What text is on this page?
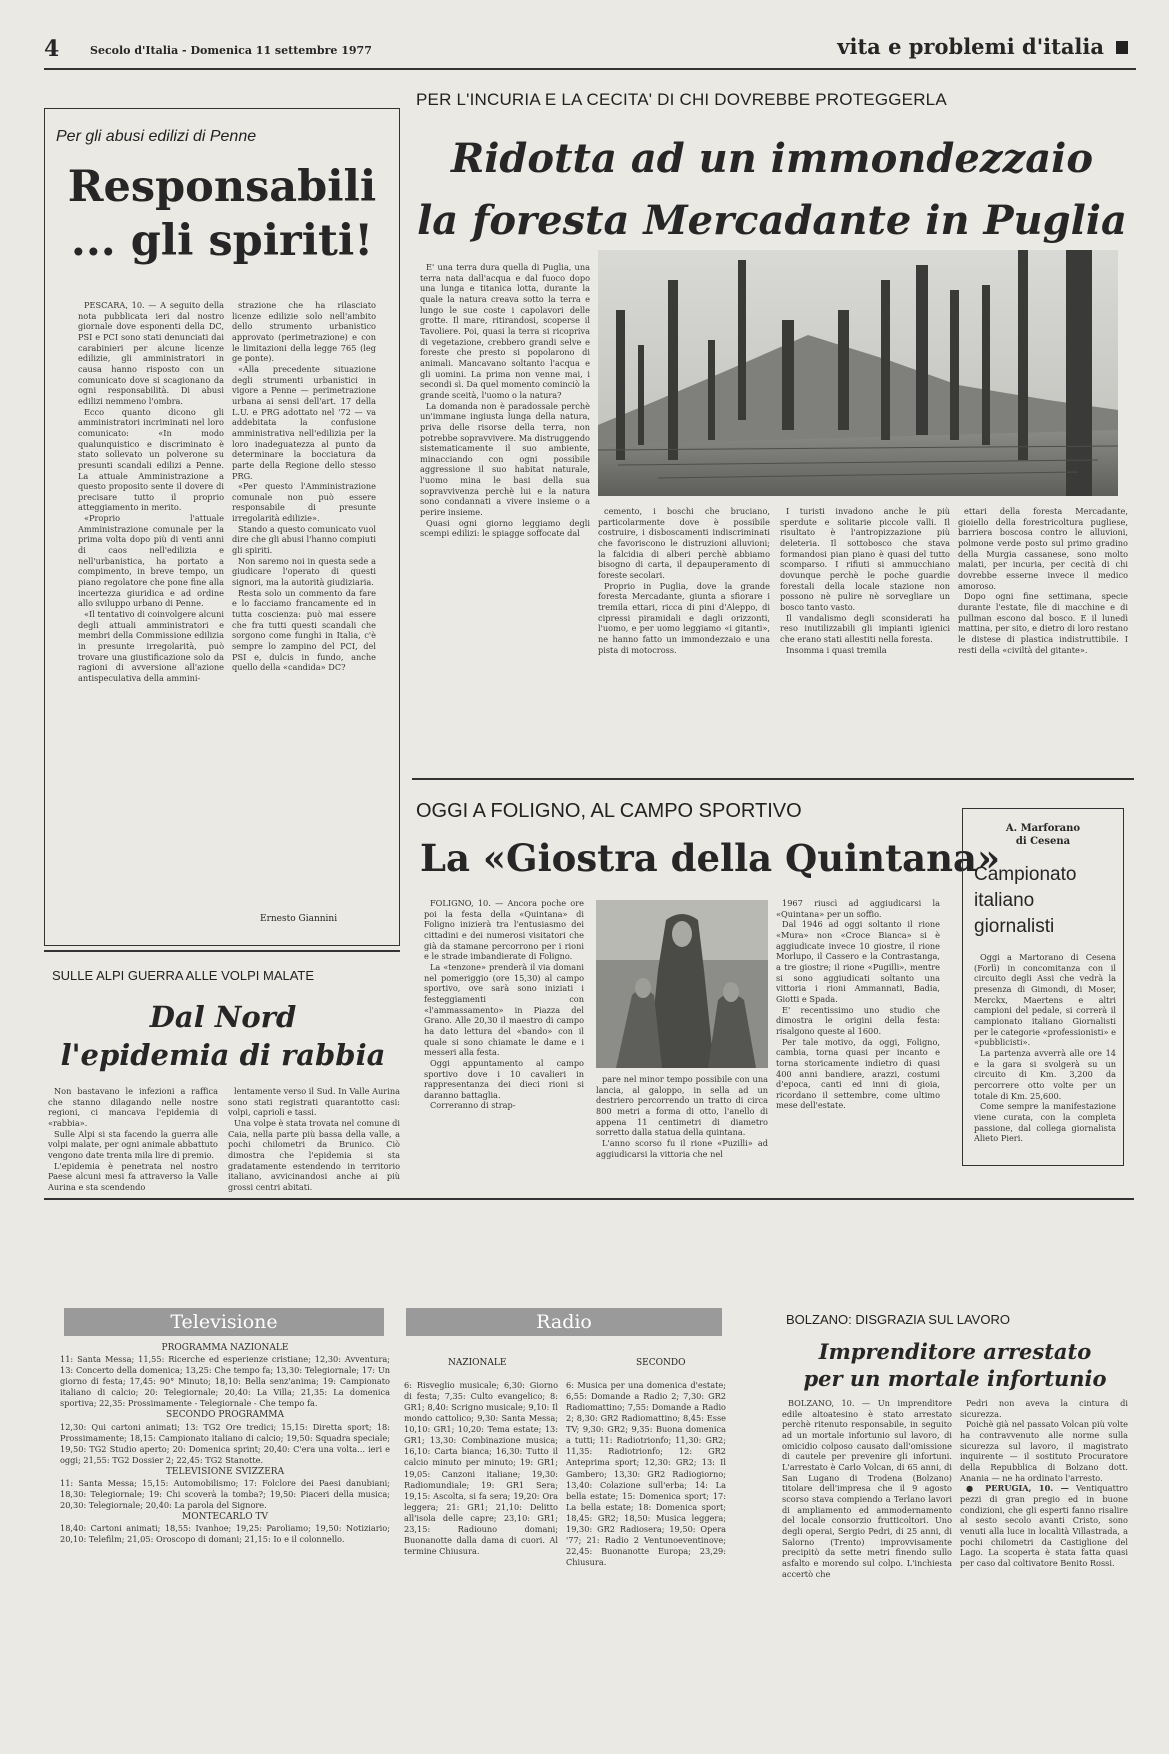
4	Secolo d'Italia - Domenica 11 settembre 1977	vita e problemi d'italia
Per gli abusi edilizi di Penne
Responsabili
... gli spiriti!

PESCARA, 10. — A seguito della nota pubblicata ieri dal nostro giornale dove esponenti della DC, PSI e PCI sono stati denunciati dai carabinieri per alcune licenze edilizie, gli amministratori in causa hanno risposto con un comunicato dove si scagionano da ogni responsabilità. Di abusi edilizi nemmeno l'ombra.

Ecco quanto dicono gli amministratori incriminati nel loro comunicato: «In modo qualunquistico e discriminato è stato sollevato un polverone su presunti scandali edilizi a Penne. La attuale Amministrazione a questo proposito sente il dovere di precisare tutto il proprio atteggiamento in merito.

«Proprio l'attuale Amministrazione comunale per la prima volta dopo più di venti anni di caos nell'edilizia e nell'urbanistica, ha portato a compimento, in breve tempo, un piano regolatore che pone fine alla incertezza giuridica e ad ordine allo sviluppo urbano di Penne.

«Il tentativo di coinvolgere alcuni degli attuali amministratori e membri della Commissione edilizia in presunte irregolarità, può trovare una giustificazione solo da ragioni di avversione all'azione antispeculativa della ammini-

strazione che ha rilasciato licenze edilizie solo nell'ambito dello strumento urbanistico approvato (perimetrazione) e con le limitazioni della legge 765 (leg ge ponte).

«Alla precedente situazione degli strumenti urbanistici in vigore a Penne — perimetrazione urbana ai sensi dell'art. 17 della L.U. e PRG adottato nel '72 — va addebitata la confusione amministrativa nell'edilizia per la loro inadeguatezza al punto da determinare la bocciatura da parte della Regione dello stesso PRG.

«Per questo l'Amministrazione comunale non può essere responsabile di presunte irregolarità edilizie».

Stando a questo comunicato vuol dire che gli abusi l'hanno compiuti gli spiriti.

Non saremo noi in questa sede a giudicare l'operato di questi signori, ma la autorità giudiziaria.

Resta solo un commento da fare e lo facciamo francamente ed in tutta coscienza: può mai essere che fra tutti questi scandali che sorgono come funghi in Italia, c'è sempre lo zampino del PCI, del PSI e, dulcis in fundo, anche quello della «candida» DC?

Ernesto Giannini
PER L'INCURIA E LA CECITA' DI CHI DOVREBBE PROTEGGERLA
Ridotta ad un immondezzaio
la foresta Mercadante in Puglia

E' una terra dura quella di Puglia, una terra nata dall'acqua e dal fuoco dopo una lunga e titanica lotta, durante la quale la natura creava sotto la terra e lungo le sue coste i capolavori delle grotte. Il mare, ritirandosi, scoperse il Tavoliere. Poi, quasi la terra si ricopriva di vegetazione, crebbero grandi selve e foreste che presto si popolarono di animali. Mancavano soltanto l'acqua e gli uomini. La prima non venne mai, i secondi sì. Da quel momento cominciò la grande sceità, l'uomo o la natura?

La domanda non è paradossale perchè un'immane ingiusta lunga della natura, priva delle risorse della terra, non potrebbe sopravvivere. Ma distruggendo sistematicamente il suo ambiente, minacciando con ogni possibile aggressione il suo habitat naturale, l'uomo mina le basi della sua sopravvivenza perchè lui e la natura sono condannati a vivere insieme o a perire insieme.

Quasi ogni giorno leggiamo degli scempi edilizi: le spiagge soffocate dal

cemento, i boschi che bruciano, particolarmente dove è possibile costruire, i disboscamenti indiscriminati che favoriscono le distruzioni alluvioni; la falcidia di alberi perchè abbiamo bisogno di carta, il depauperamento di foreste secolari.

Proprio in Puglia, dove la grande foresta Mercadante, giunta a sfiorare i tremila ettari, ricca di pini d'Aleppo, di cipressi piramidali e dagli orizzonti, l'uomo, e per uomo leggiamo «i gitanti», ne hanno fatto un immondezzaio e una pista di motocross.

I turisti invadono anche le più sperdute e solitarie piccole valli. Il risultato è l'antropizzazione più deleteria. Il sottobosco che stava formandosi pian piano è quasi del tutto scomparso. I rifiuti si ammucchiano dovunque perchè le poche guardie forestali della locale stazione non possono nè pulire nè sorvegliare un bosco tanto vasto.

Il vandalismo degli sconsiderati ha reso inutilizzabili gli impianti igienici che erano stati allestiti nella foresta.

Insomma i quasi tremila

ettari della foresta Mercadante, gioiello della forestricoltura pugliese, barriera boscosa contro le alluvioni, polmone verde posto sul primo gradino della Murgia cassanese, sono molto malati, per incuria, per cecità di chi dovrebbe esserne invece il medico amoroso.

Dopo ogni fine settimana, specie durante l'estate, file di macchine e di pullman escono dal bosco. E il lunedì mattina, per sito, e dietro di loro restano le distese di plastica indistruttibile. I resti della «civiltà del gitante».

OGGI A FOLIGNO, AL CAMPO SPORTIVO
La «Giostra della Quintana»

FOLIGNO, 10. — Ancora poche ore poi la festa della «Quintana» di Foligno inizierà tra l'entusiasmo dei cittadini e dei numerosi visitatori che già da stamane percorrono per i rioni e le strade imbandierate di Foligno.

La «tenzone» prenderà il via domani nel pomeriggio (ore 15,30) al campo sportivo, ove sarà sono iniziati i festeggiamenti con «l'ammassamento» in Piazza del Grano. Alle 20,30 il maestro di campo ha dato lettura del «bando» con il quale si sono chiamate le dame e i messeri alla festa.

Oggi appuntamento al campo sportivo dove i 10 cavalieri in rappresentanza dei dieci rioni si daranno battaglia.

Correranno di strap-

pare nel minor tempo possibile con una lancia, al galoppo, in sella ad un destriero percorrendo un tratto di circa 800 metri a forma di otto, l'anello di appena 11 centimetri di diametro sorretto dalla statua della quintana.

L'anno scorso fu il rione «Puzilli» ad aggiudicarsi la vittoria che nel

1967 riuscì ad aggiudicarsi la «Quintana» per un soffio.

Dal 1946 ad oggi soltanto il rione «Mura» non «Croce Bianca» si è aggiudicate invece 10 giostre, il rione Morlupo, il Cassero e la Contrastanga, a tre giostre; il rione «Pugilli», mentre si sono aggiudicati soltanto una vittoria i rioni Ammannati, Badia, Giotti e Spada.

E' recentissimo uno studio che dimostra le origini della festa: risalgono queste al 1600.

Per tale motivo, da oggi, Foligno, cambia, torna quasi per incanto e torna storicamente indietro di quasi 400 anni bandiere, arazzi, costumi d'epoca, canti ed inni di gioia, ricordano il settembre, come ultimo mese dell'estate.

A. Marforano
di Cesena
Campionato
italiano
giornalisti

Oggi a Martorano di Cesena (Forlì) in concomitanza con il circuito degli Assi che vedrà la presenza di Gimondi, di Moser, Merckx, Maertens e altri campioni del pedale, si correrà il campionato italiano Giornalisti per le categorie «professionisti» e «pubblicisti».

La partenza avverrà alle ore 14 e la gara si svolgerà su un circuito di Km. 3,200 da percorrere otto volte per un totale di Km. 25,600.

Come sempre la manifestazione viene curata, con la completa passione, dal collega giornalista Alieto Pieri.

SULLE ALPI GUERRA ALLE VOLPI MALATE
Dal Nord
l'epidemia di rabbia

Non bastavano le infezioni a raffica che stanno dilagando nelle nostre regioni, ci mancava l'epidemia di «rabbia».

Sulle Alpi si sta facendo la guerra alle volpi malate, per ogni animale abbattuto vengono date trenta mila lire di premio.

L'epidemia è penetrata nel nostro Paese alcuni mesi fa attraverso la Valle Aurina e sta scendendo

lentamente verso il Sud. In Valle Aurina sono stati registrati quarantotto casi: volpi, caprioli e tassi.

Una volpe è stata trovata nel comune di Caia, nella parte più bassa della valle, a pochi chilometri da Brunico. Ciò dimostra che l'epidemia si sta gradatamente estendendo in territorio italiano, avvicinandosi anche ai più grossi centri abitati.

Televisione
PROGRAMMA NAZIONALE
11: Santa Messa; 11,55: Ricerche ed esperienze cristiane; 12,30: Avventura; 13: Concerto della domenica; 13,25: Che tempo fa; 13,30: Telegiornale; 17: Un giorno di festa; 17,45: 90° Minuto; 18,10: Bella senz'anima; 19: Campionato italiano di calcio; 20: Telegiornale; 20,40: La Villa; 21,35: La domenica sportiva; 22,35: Prossimamente - Telegiornale - Che tempo fa.
SECONDO PROGRAMMA
12,30: Qui cartoni animati; 13: TG2 Ore tredici; 15,15: Diretta sport; 18: Prossimamente; 18,15: Campionato italiano di calcio; 19,50: Squadra speciale; 19,50: TG2 Studio aperto; 20: Domenica sprint; 20,40: C'era una volta... ieri e oggi; 21,55: TG2 Dossier 2; 22,45: TG2 Stanotte.
TELEVISIONE SVIZZERA
11: Santa Messa; 15,15: Automobilismo; 17: Folclore dei Paesi danubiani; 18,30: Telegiornale; 19: Chi scoverà la tomba?; 19,50: Piaceri della musica; 20,30: Telegiornale; 20,40: La parola del Signore.
MONTECARLO TV
18,40: Cartoni animati; 18,55: Ivanhoe; 19,25: Paroliamo; 19,50: Notiziario; 20,10: Telefilm; 21,05: Oroscopo di domani; 21,15: Io e il colonnello.
Radio
NAZIONALE	SECONDO
6: Risveglio musicale; 6,30: Giorno di festa; 7,35: Culto evangelico; 8: GR1; 8,40: Scrigno musicale; 9,10: Il mondo cattolico; 9,30: Santa Messa; 10,10: GR1; 10,20: Tema estate; 13: GR1; 13,30: Combinazione musica; 16,10: Carta bianca; 16,30: Tutto il calcio minuto per minuto; 19: GR1; 19,05: Canzoni italiane; 19,30: Radiomundiale; 19: GR1 Sera; 19,15: Ascolta, si fa sera; 19,20: Ora leggera; 21: GR1; 21,10: Delitto all'isola delle capre; 23,10: GR1; 23,15: Radiouno domani; Buonanotte dalla dama di cuori. Al termine Chiusura.
6: Musica per una domenica d'estate; 6,55: Domande a Radio 2; 7,30: GR2 Radiomattino; 7,55: Domande a Radio 2; 8,30: GR2 Radiomattino; 8,45: Esse TV; 9,30: GR2; 9,35: Buona domenica a tutti; 11: Radiotrionfo; 11,30: GR2; 11,35: Radiotrionfo; 12: GR2 Anteprima sport; 12,30: GR2; 13: Il Gambero; 13,30: GR2 Radiogiorno; 13,40: Colazione sull'erba; 14: La bella estate; 15: Domenica sport; 17: La bella estate; 18: Domenica sport; 18,45: GR2; 18,50: Musica leggera; 19,30: GR2 Radiosera; 19,50: Opera '77; 21: Radio 2 Ventunoeventinove; 22,45: Buonanotte Europa; 23,29: Chiusura.
BOLZANO: DISGRAZIA SUL LAVORO
Imprenditore arrestato
per un mortale infortunio

BOLZANO, 10. — Un imprenditore edile altoatesino è stato arrestato perchè ritenuto responsabile, in seguito ad un mortale infortunio sul lavoro, di omicidio colposo causato dall'omissione di cautele per prevenire gli infortuni. L'arrestato è Carlo Volcan, di 65 anni, di San Lugano di Trodena (Bolzano) titolare dell'impresa che il 9 agosto scorso stava compiendo a Terlano lavori di ampliamento ed ammodernamento del locale consorzio frutticoltori. Uno degli operai, Sergio Pedri, di 25 anni, di Salorno (Trento) improvvisamente precipitò da sette metri finendo sullo asfalto e morendo sul colpo. L'inchiesta accertò che

Pedri non aveva la cintura di sicurezza.

Poichè già nel passato Volcan più volte ha contravvenuto alle norme sulla sicurezza sul lavoro, il magistrato inquirente — il sostituto Procuratore della Repubblica di Bolzano dott. Anania — ne ha ordinato l'arresto.

● PERUGIA, 10. — Ventiquattro pezzi di gran pregio ed in buone condizioni, che gli esperti fanno risalire al sesto secolo avanti Cristo, sono venuti alla luce in località Villastrada, a pochi chilometri da Castiglione del Lago. La scoperta è stata fatta quasi per caso dal coltivatore Benito Rossi.
